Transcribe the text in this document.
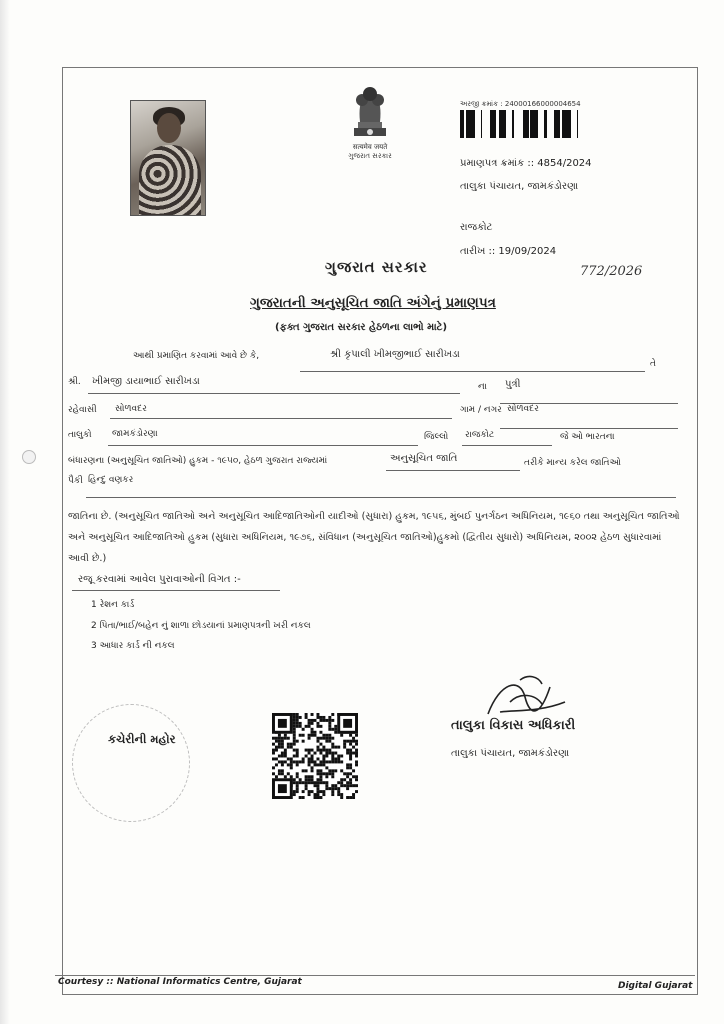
सत्यमेव जयते
ગુજરાત સરકાર
અરજી ક્રમાંક : 24000166000004654
પ્રમાણપત્ર ક્રમાંક :: 4854/2024
તાલુકા પંચાયત, જામકંડોરણા
રાજકોટ
તારીખ :: 19/09/2024
772/2026
ગુજરાત સરકાર
ગુજરાતની અનુસૂચિત જાતિ અંગેનું પ્રમાણપત્ર
(ફક્ત ગુજરાત સરકાર હેઠળના લાભો માટે)
આથી પ્રમાણિત કરવામાં આવે છે કે,	શ્રી કૃપાલી ખીમજીભાઈ સારીખડા
તે
શ્રી. ખીમજી ડાયાભાઈ સારીખડા	ના પુત્રી
રહેવાસી સોળવદર	ગામ / નગર સોળવદર
તાલુકો જામકંડોરણા	જિલ્લો રાજકોટ	જે ઓ ભારતના
બંધારણના (અનુસૂચિત જાતિઓ) હુકમ - ૧૯૫૦, હેઠળ ગુજરાત રાજ્યમાં	અનુસૂચિત જાતિ	તરીકે માન્ય કરેલ જાતિઓ
પૈકી હિન્દુ વણકર
જાતિના છે. (અનુસૂચિત જાતિઓ અને અનુસૂચિત આદિજાતિઓની યાદીઓ (સુધારા) હુકમ, ૧૯૫૬, મુંબઈ પુનર્ગઠન અધિનિયમ, ૧૯૬૦ તથા અનુસૂચિત જાતિઓ અને અનુસૂચિત આદિજાતિઓ હુકમ (સુધારા અધિનિયમ, ૧૯૭૬, સંવિધાન (અનુસૂચિત જાતિઓ)હુકમો (દ્વિતીય સુધારો) અધિનિયમ, ૨૦૦૨ હેઠળ સુધારવામાં આવી છે.)
રજૂ કરવામાં આવેલ પુરાવાઓની વિગત :-
1 રેશન કાર્ડ
2 પિતા/ભાઈ/બહેન નું શાળા છોડયાનાં પ્રમાણપત્રની ખરી નકલ
3 આધાર કાર્ડ ની નકલ
કચેરીની મહોર
તાલુકા વિકાસ અધિકારી
તાલુકા પંચાયત, જામકંડોરણા
Courtesy :: National Informatics Centre, Gujarat	Digital Gujarat
